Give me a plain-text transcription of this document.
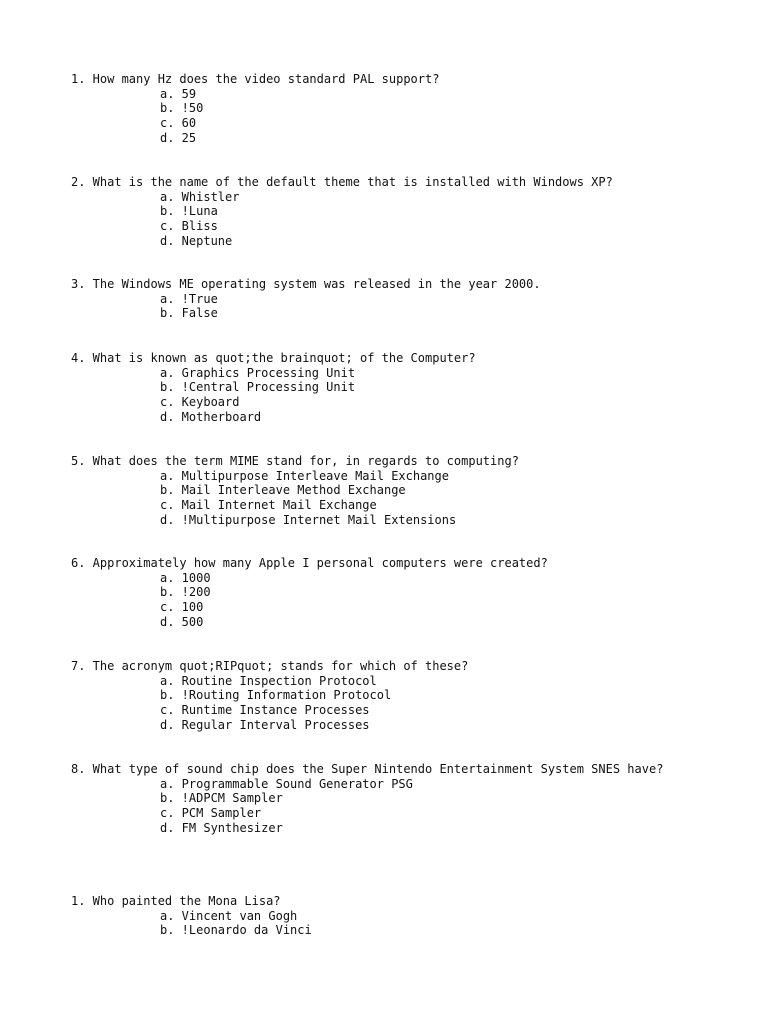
1. How many Hz does the video standard PAL support?
a. 59
b. !50
c. 60
d. 25
2. What is the name of the default theme that is installed with Windows XP?
a. Whistler
b. !Luna
c. Bliss
d. Neptune
3. The Windows ME operating system was released in the year 2000.
a. !True
b. False
4. What is known as quot;the brainquot; of the Computer?
a. Graphics Processing Unit
b. !Central Processing Unit
c. Keyboard
d. Motherboard
5. What does the term MIME stand for, in regards to computing?
a. Multipurpose Interleave Mail Exchange
b. Mail Interleave Method Exchange
c. Mail Internet Mail Exchange
d. !Multipurpose Internet Mail Extensions
6. Approximately how many Apple I personal computers were created?
a. 1000
b. !200
c. 100
d. 500
7. The acronym quot;RIPquot; stands for which of these?
a. Routine Inspection Protocol
b. !Routing Information Protocol
c. Runtime Instance Processes
d. Regular Interval Processes
8. What type of sound chip does the Super Nintendo Entertainment System SNES have?
a. Programmable Sound Generator PSG
b. !ADPCM Sampler
c. PCM Sampler
d. FM Synthesizer
1. Who painted the Mona Lisa?
a. Vincent van Gogh
b. !Leonardo da Vinci
